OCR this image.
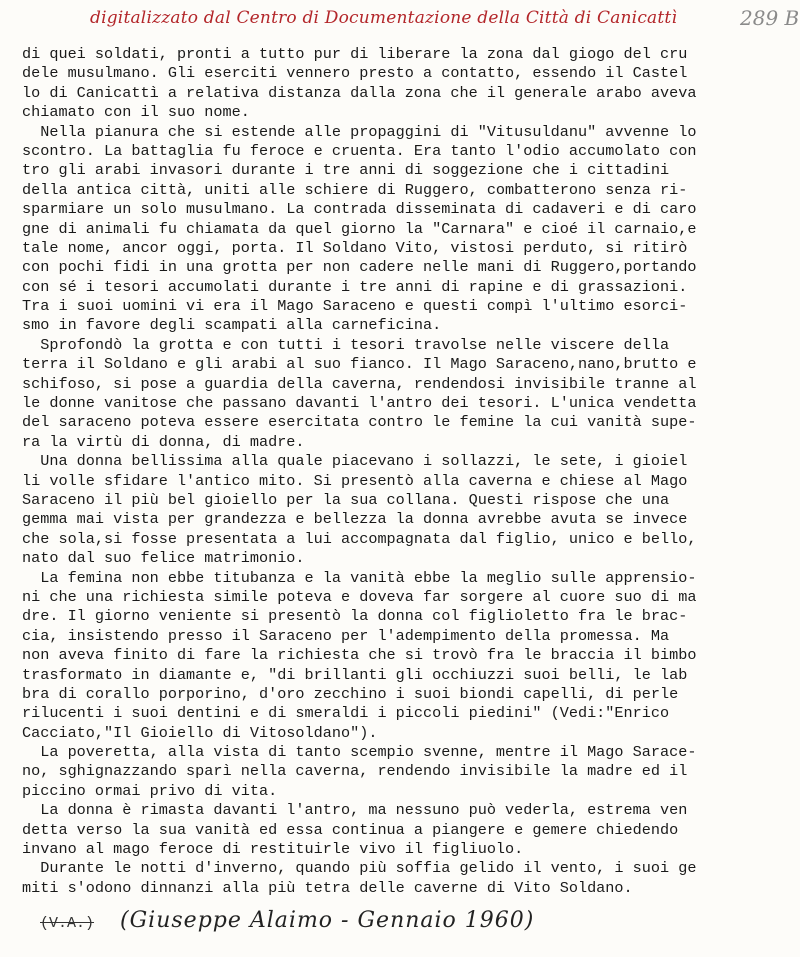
digitalizzato dal Centro di Documentazione della Città di Canicattì	289 B
di quei soldati, pronti a tutto pur di liberare la zona dal giogo del cru
dele musulmano. Gli eserciti vennero presto a contatto, essendo il Castel
lo di Canicattì a relativa distanza dalla zona che il generale arabo aveva
chiamato con il suo nome.
Nella pianura che si estende alle propaggini di "Vitusuldanu" avvenne lo
scontro. La battaglia fu feroce e cruenta. Era tanto l'odio accumolato con
tro gli arabi invasori durante i tre anni di soggezione che i cittadini
della antica città, uniti alle schiere di Ruggero, combatterono senza ri-
sparmiare un solo musulmano. La contrada disseminata di cadaveri e di caro
gne di animali fu chiamata da quel giorno la "Carnara" e cioé il carnaio,e
tale nome, ancor oggi, porta. Il Soldano Vito, vistosi perduto, si ritirò
con pochi fidi in una grotta per non cadere nelle mani di Ruggero,portando
con sé i tesori accumolati durante i tre anni di rapine e di grassazioni.
Tra i suoi uomini vi era il Mago Saraceno e questi compì l'ultimo esorci-
smo in favore degli scampati alla carneficina.
Sprofondò la grotta e con tutti i tesori travolse nelle viscere della
terra il Soldano e gli arabi al suo fianco. Il Mago Saraceno,nano,brutto e
schifoso, si pose a guardia della caverna, rendendosi invisibile tranne al
le donne vanitose che passano davanti l'antro dei tesori. L'unica vendetta
del saraceno poteva essere esercitata contro le femine la cui vanità supe-
ra la virtù di donna, di madre.
Una donna bellissima alla quale piacevano i sollazzi, le sete, i gioiel
li volle sfidare l'antico mito. Si presentò alla caverna e chiese al Mago
Saraceno il più bel gioiello per la sua collana. Questi rispose che una
gemma mai vista per grandezza e bellezza la donna avrebbe avuta se invece
che sola,si fosse presentata a lui accompagnata dal figlio, unico e bello,
nato dal suo felice matrimonio.
La femina non ebbe titubanza e la vanità ebbe la meglio sulle apprensio-
ni che una richiesta simile poteva e doveva far sorgere al cuore suo di ma
dre. Il giorno veniente si presentò la donna col figlioletto fra le brac-
cia, insistendo presso il Saraceno per l'adempimento della promessa. Ma
non aveva finito di fare la richiesta che si trovò fra le braccia il bimbo
trasformato in diamante e, "di brillanti gli occhiuzzi suoi belli, le lab
bra di corallo porporino, d'oro zecchino i suoi biondi capelli, di perle
rilucenti i suoi dentini e di smeraldi i piccoli piedini" (Vedi:"Enrico
Cacciato,"Il Gioiello di Vitosoldano").
La poveretta, alla vista di tanto scempio svenne, mentre il Mago Sarace-
no, sghignazzando sparì nella caverna, rendendo invisibile la madre ed il
piccino ormai privo di vita.
La donna è rimasta davanti l'antro, ma nessuno può vederla, estrema ven
detta verso la sua vanità ed essa continua a piangere e gemere chiedendo
invano al mago feroce di restituirle vivo il figliuolo.
Durante le notti d'inverno, quando più soffia gelido il vento, i suoi ge
miti s'odono dinnanzi alla più tetra delle caverne di Vito Soldano.
(V.A.) (Giuseppe Alaimo - Gennaio 1960)
